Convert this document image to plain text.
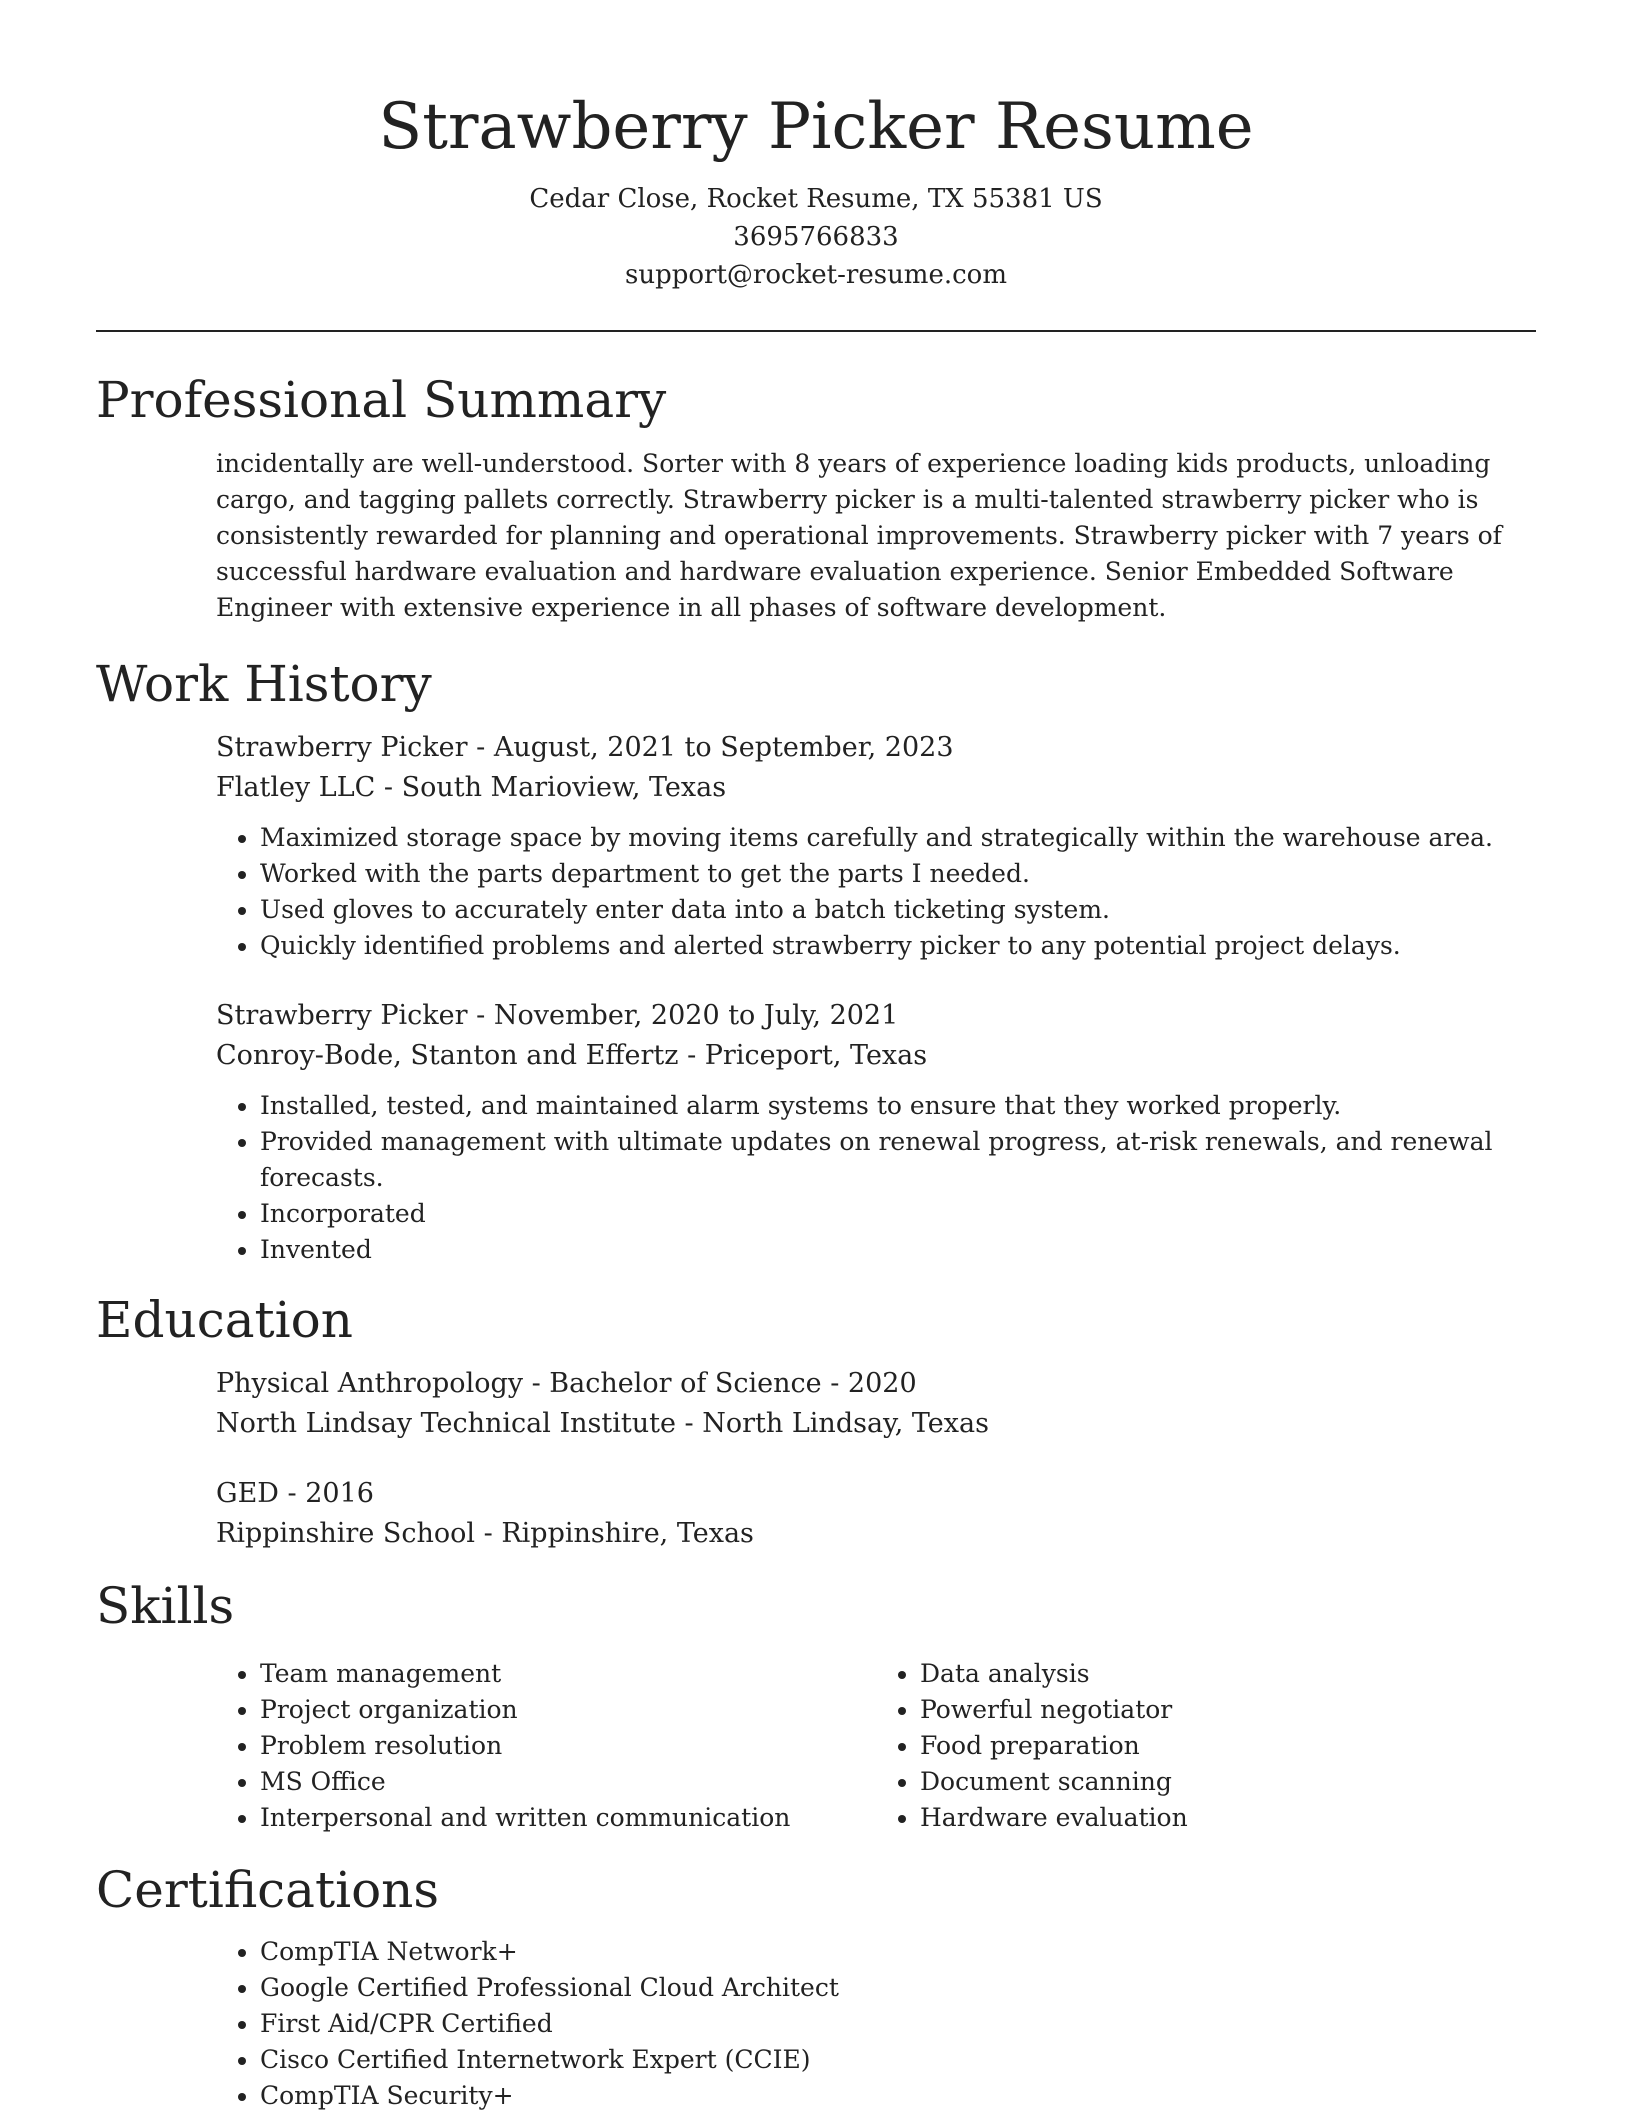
Strawberry Picker Resume
Cedar Close, Rocket Resume, TX 55381 US
3695766833
support@rocket-resume.com
Professional Summary

incidentally are well-understood. Sorter with 8 years of experience loading kids products, unloading cargo, and tagging pallets correctly. Strawberry picker is a multi-talented strawberry picker who is consistently rewarded for planning and operational improvements. Strawberry picker with 7 years of successful hardware evaluation and hardware evaluation experience. Senior Embedded Software Engineer with extensive experience in all phases of software development.

Work History
Strawberry Picker - August, 2021 to September, 2023
Flatley LLC - South Marioview, Texas
• Maximized storage space by moving items carefully and strategically within the warehouse area.
• Worked with the parts department to get the parts I needed.
• Used gloves to accurately enter data into a batch ticketing system.
• Quickly identified problems and alerted strawberry picker to any potential project delays.
Strawberry Picker - November, 2020 to July, 2021
Conroy-Bode, Stanton and Effertz - Priceport, Texas
• Installed, tested, and maintained alarm systems to ensure that they worked properly.
• Provided management with ultimate updates on renewal progress, at-risk renewals, and renewal forecasts.
• Incorporated
• Invented
Education
Physical Anthropology - Bachelor of Science - 2020
North Lindsay Technical Institute - North Lindsay, Texas
GED - 2016
Rippinshire School - Rippinshire, Texas
Skills
• Team management
• Project organization
• Problem resolution
• MS Office
• Interpersonal and written communication
• Data analysis
• Powerful negotiator
• Food preparation
• Document scanning
• Hardware evaluation
Certifications
• CompTIA Network+
• Google Certified Professional Cloud Architect
• First Aid/CPR Certified
• Cisco Certified Internetwork Expert (CCIE)
• CompTIA Security+
